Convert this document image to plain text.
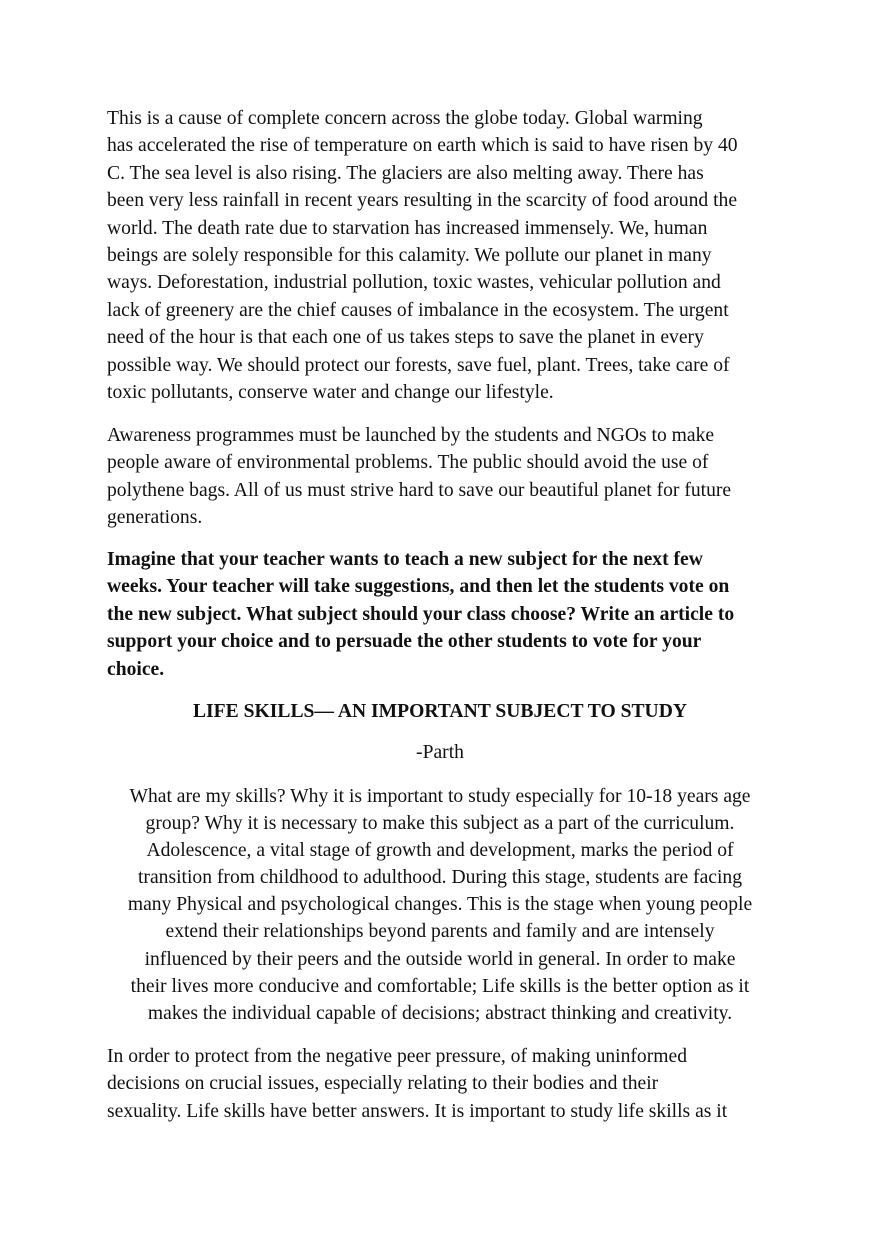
This is a cause of complete concern across the globe today. Global warming
has accelerated the rise of temperature on earth which is said to have risen by 40
C. The sea level is also rising. The glaciers are also melting away. There has
been very less rainfall in recent years resulting in the scarcity of food around the
world. The death rate due to starvation has increased immensely. We, human
beings are solely responsible for this calamity. We pollute our planet in many
ways. Deforestation, industrial pollution, toxic wastes, vehicular pollution and
lack of greenery are the chief causes of imbalance in the ecosystem. The urgent
need of the hour is that each one of us takes steps to save the planet in every
possible way. We should protect our forests, save fuel, plant. Trees, take care of
toxic pollutants, conserve water and change our lifestyle.
Awareness programmes must be launched by the students and NGOs to make
people aware of environmental problems. The public should avoid the use of
polythene bags. All of us must strive hard to save our beautiful planet for future
generations.
Imagine that your teacher wants to teach a new subject for the next few
weeks. Your teacher will take suggestions, and then let the students vote on
the new subject. What subject should your class choose? Write an article to
support your choice and to persuade the other students to vote for your
choice.
LIFE SKILLS— AN IMPORTANT SUBJECT TO STUDY
-Parth
What are my skills? Why it is important to study especially for 10-18 years age
group? Why it is necessary to make this subject as a part of the curriculum.
Adolescence, a vital stage of growth and development, marks the period of
transition from childhood to adulthood. During this stage, students are facing
many Physical and psychological changes. This is the stage when young people
extend their relationships beyond parents and family and are intensely
influenced by their peers and the outside world in general. In order to make
their lives more conducive and comfortable; Life skills is the better option as it
makes the individual capable of decisions; abstract thinking and creativity.
In order to protect from the negative peer pressure, of making uninformed
decisions on crucial issues, especially relating to their bodies and their
sexuality. Life skills have better answers. It is important to study life skills as it
